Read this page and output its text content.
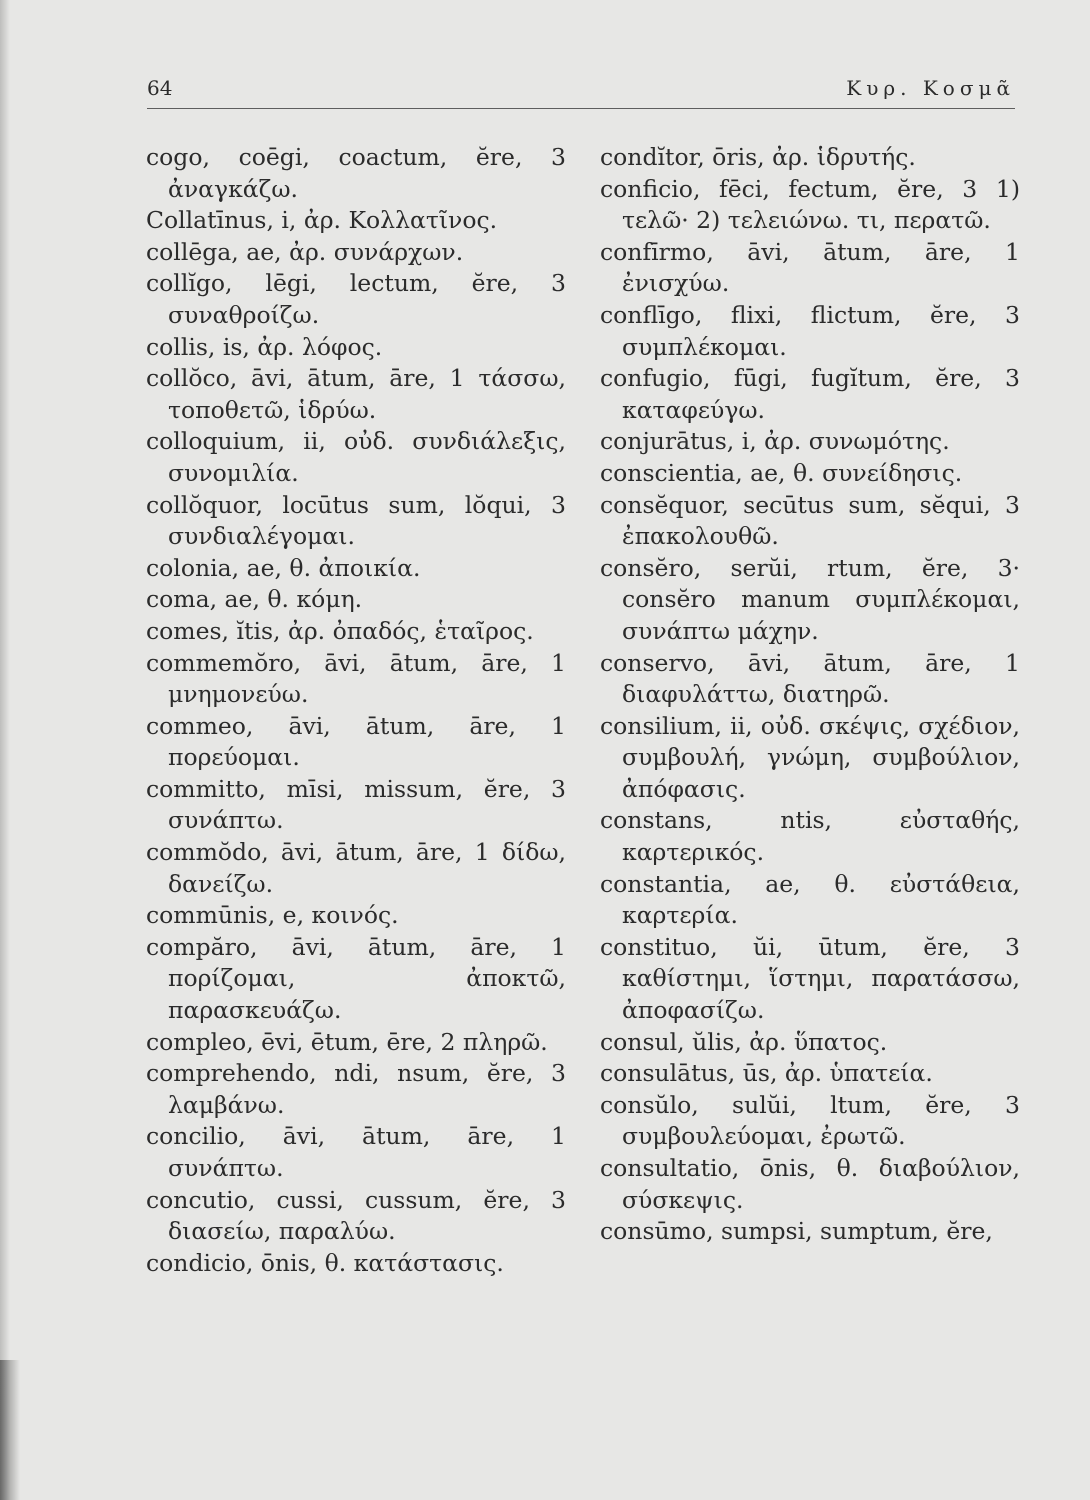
64	Κυρ. Κοσμᾶ

cogo, coēgi, coactum, ĕre, 3 ἀναγκάζω.

Collatīnus, i, ἀρ. Κολλατῖνος.

collēga, ae, ἀρ. συνάρχων.

collĭgo, lēgi, lectum, ĕre, 3 συναθροίζω.

collis, is, ἀρ. λόφος.

collŏco, āvi, ātum, āre, 1 τάσσω, τοποθετῶ, ἱδρύω.

colloquium, ii, οὐδ. συνδιάλεξις, συνομιλία.

collŏquor, locūtus sum, lŏqui, 3 συνδιαλέγομαι.

colonia, ae, θ. ἀποικία.

coma, ae, θ. κόμη.

comes, ĭtis, ἀρ. ὀπαδός, ἑταῖρος.

commemŏro, āvi, ātum, āre, 1 μνημονεύω.

commeo, āvi, ātum, āre, 1 πορεύομαι.

committo, mīsi, missum, ĕre, 3 συνάπτω.

commŏdo, āvi, ātum, āre, 1 δίδω, δανείζω.

commūnis, e, κοινός.

compăro, āvi, ātum, āre, 1 πορίζομαι, ἀποκτῶ, παρασκευάζω.

compleo, ēvi, ētum, ēre, 2 πληρῶ.

comprehendo, ndi, nsum, ĕre, 3 λαμβάνω.

concilio, āvi, ātum, āre, 1 συνάπτω.

concutio, cussi, cussum, ĕre, 3 διασείω, παραλύω.

condicio, ōnis, θ. κατάστασις.

condĭtor, ōris, ἀρ. ἱδρυτής.

conficio, fēci, fectum, ĕre, 3 1) τελῶ· 2) τελειώνω. τι, περατῶ.

confīrmo, āvi, ātum, āre, 1 ἐνισχύω.

conflīgo, flixi, flictum, ĕre, 3 συμπλέκομαι.

confugio, fūgi, fugĭtum, ĕre, 3 καταφεύγω.

conjurātus, i, ἀρ. συνωμότης.

conscientia, ae, θ. συνείδησις.

consĕquor, secūtus sum, sĕqui, 3 ἐπακολουθῶ.

consĕro, serŭi, rtum, ĕre, 3· consĕro manum συμπλέκομαι, συνάπτω μάχην.

conservo, āvi, ātum, āre, 1 διαφυλάττω, διατηρῶ.

consilium, ii, οὐδ. σκέψις, σχέδιον, συμβουλή, γνώμη, συμβούλιον, ἀπόφασις.

constans, ntis, εὐσταθής, καρτερικός.

constantia, ae, θ. εὐστάθεια, καρτερία.

constituo, ŭi, ūtum, ĕre, 3 καθίστημι, ἵστημι, παρατάσσω, ἀποφασίζω.

consul, ŭlis, ἀρ. ὕπατος.

consulātus, ūs, ἀρ. ὑπατεία.

consŭlo, sulŭi, ltum, ĕre, 3 συμβουλεύομαι, ἐρωτῶ.

consultatio, ōnis, θ. διαβούλιον, σύσκεψις.

consūmo, sumpsi, sumptum, ĕre,
